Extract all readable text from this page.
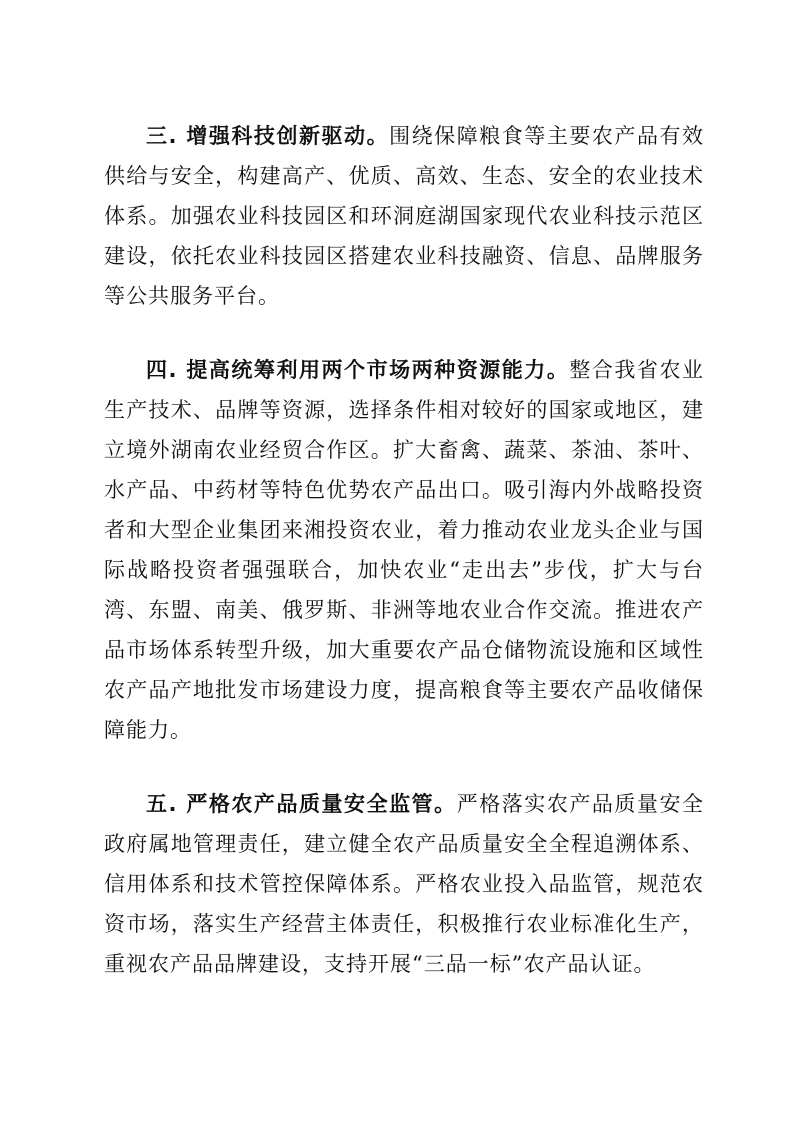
三. 增强科技创新驱动。围绕保障粮食等主要农产品有效供给与安全，构建高产、优质、高效、生态、安全的农业技术体系。加强农业科技园区和环洞庭湖国家现代农业科技示范区建设，依托农业科技园区搭建农业科技融资、信息、品牌服务等公共服务平台。

四. 提高统筹利用两个市场两种资源能力。整合我省农业生产技术、品牌等资源，选择条件相对较好的国家或地区，建立境外湖南农业经贸合作区。扩大畜禽、蔬菜、茶油、茶叶、水产品、中药材等特色优势农产品出口。吸引海内外战略投资者和大型企业集团来湘投资农业，着力推动农业龙头企业与国际战略投资者强强联合，加快农业“走出去”步伐，扩大与台湾、东盟、南美、俄罗斯、非洲等地农业合作交流。推进农产品市场体系转型升级，加大重要农产品仓储物流设施和区域性农产品产地批发市场建设力度，提高粮食等主要农产品收储保障能力。

五. 严格农产品质量安全监管。严格落实农产品质量安全政府属地管理责任，建立健全农产品质量安全全程追溯体系、信用体系和技术管控保障体系。严格农业投入品监管，规范农资市场，落实生产经营主体责任，积极推行农业标准化生产，重视农产品品牌建设，支持开展“三品一标”农产品认证。
